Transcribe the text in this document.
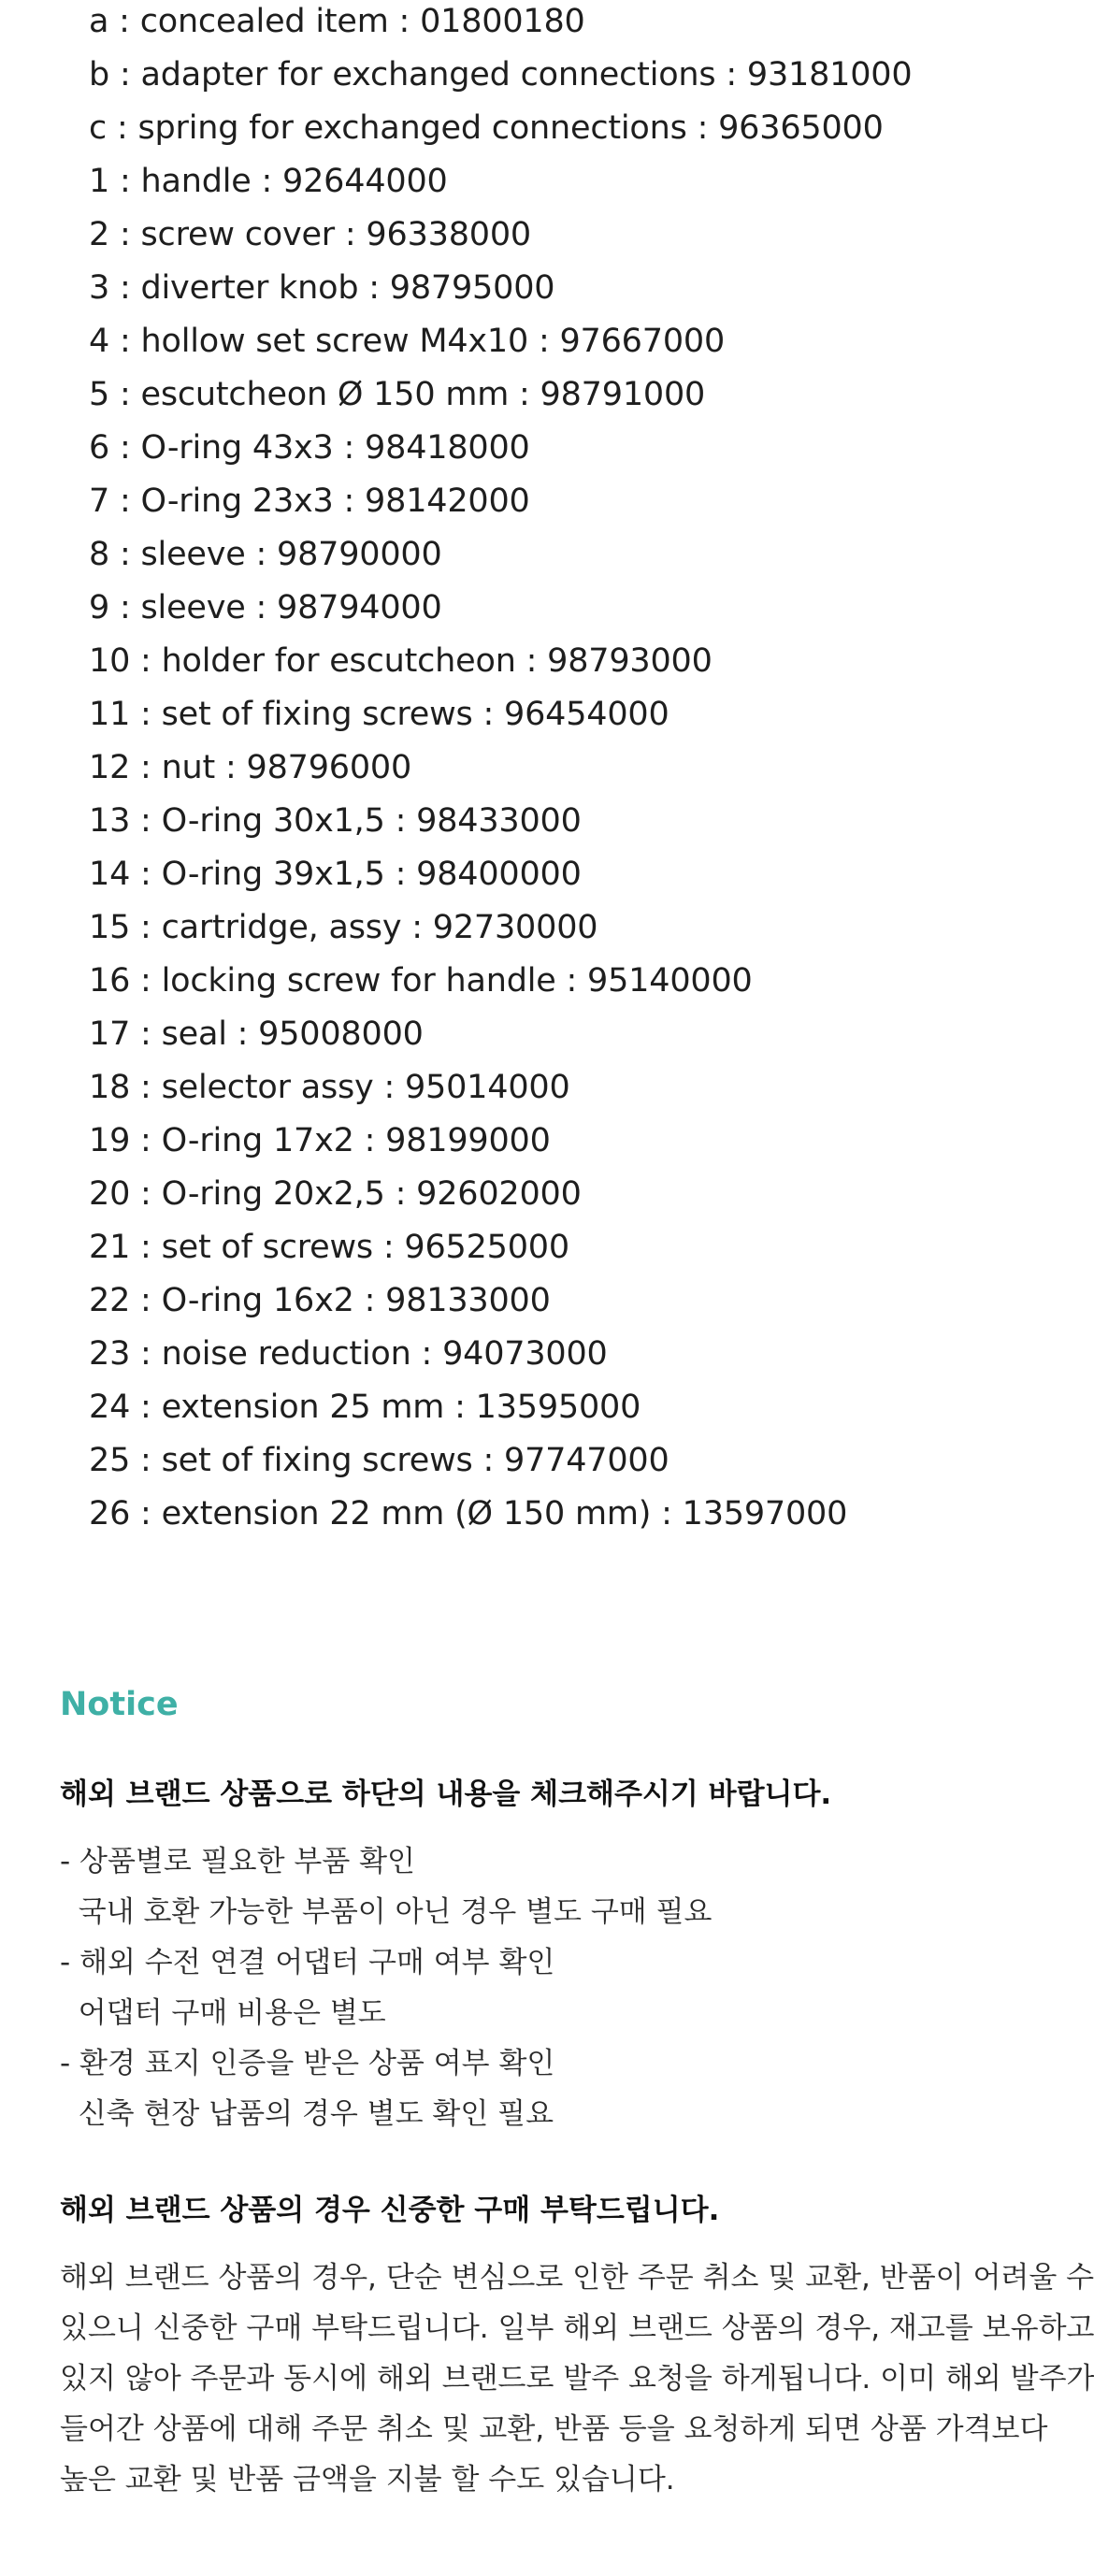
a : concealed item : 01800180
b : adapter for exchanged connections : 93181000
c : spring for exchanged connections : 96365000
1 : handle : 92644000
2 : screw cover : 96338000
3 : diverter knob : 98795000
4 : hollow set screw M4x10 : 97667000
5 : escutcheon Ø 150 mm : 98791000
6 : O-ring 43x3 : 98418000
7 : O-ring 23x3 : 98142000
8 : sleeve : 98790000
9 : sleeve : 98794000
10 : holder for escutcheon : 98793000
11 : set of fixing screws : 96454000
12 : nut : 98796000
13 : O-ring 30x1,5 : 98433000
14 : O-ring 39x1,5 : 98400000
15 : cartridge, assy : 92730000
16 : locking screw for handle : 95140000
17 : seal : 95008000
18 : selector assy : 95014000
19 : O-ring 17x2 : 98199000
20 : O-ring 20x2,5 : 92602000
21 : set of screws : 96525000
22 : O-ring 16x2 : 98133000
23 : noise reduction : 94073000
24 : extension 25 mm : 13595000
25 : set of fixing screws : 97747000
26 : extension 22 mm (Ø 150 mm) : 13597000
Notice
해외 브랜드 상품으로 하단의 내용을 체크해주시기 바랍니다.
- 상품별로 필요한 부품 확인
국내 호환 가능한 부품이 아닌 경우 별도 구매 필요
- 해외 수전 연결 어댑터 구매 여부 확인
어댑터 구매 비용은 별도
- 환경 표지 인증을 받은 상품 여부 확인
신축 현장 납품의 경우 별도 확인 필요
해외 브랜드 상품의 경우 신중한 구매 부탁드립니다.
해외 브랜드 상품의 경우, 단순 변심으로 인한 주문 취소 및 교환, 반품이 어려울 수
있으니 신중한 구매 부탁드립니다. 일부 해외 브랜드 상품의 경우, 재고를 보유하고
있지 않아 주문과 동시에 해외 브랜드로 발주 요청을 하게됩니다. 이미 해외 발주가
들어간 상품에 대해 주문 취소 및 교환, 반품 등을 요청하게 되면 상품 가격보다
높은 교환 및 반품 금액을 지불 할 수도 있습니다.
